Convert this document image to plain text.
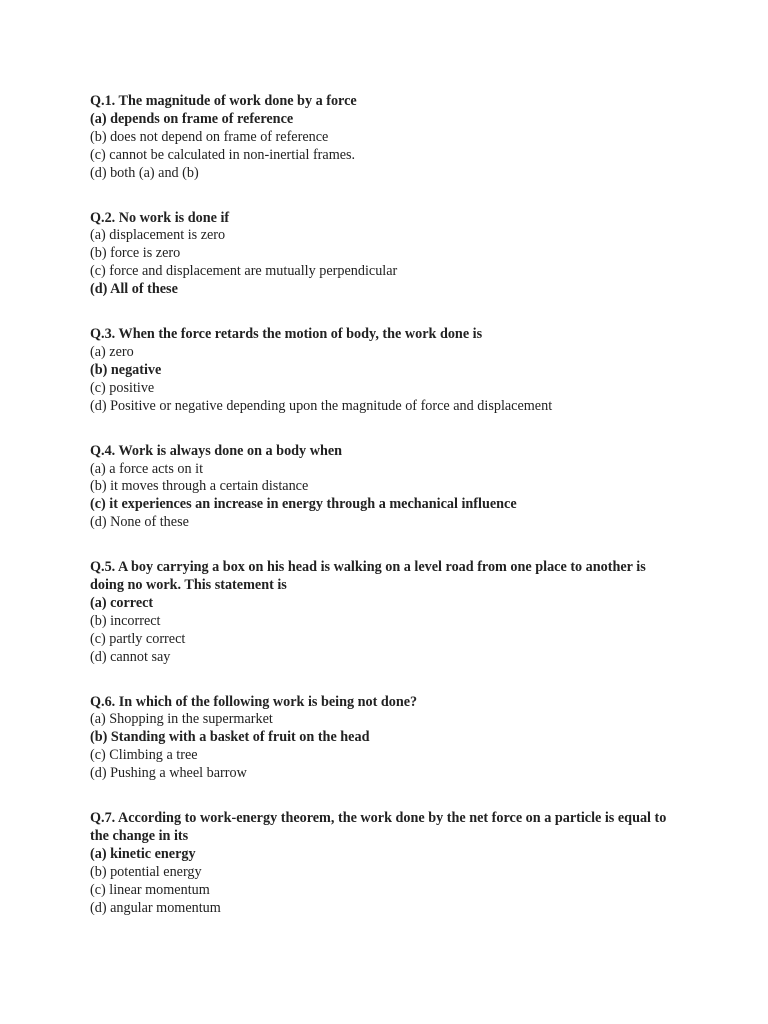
Q.1. The magnitude of work done by a force
(a) depends on frame of reference
(b) does not depend on frame of reference
(c) cannot be calculated in non-inertial frames.
(d) both (a) and (b)
Q.2. No work is done if
(a) displacement is zero
(b) force is zero
(c) force and displacement are mutually perpendicular
(d) All of these
Q.3. When the force retards the motion of body, the work done is
(a) zero
(b) negative
(c) positive
(d) Positive or negative depending upon the magnitude of force and displacement
Q.4. Work is always done on a body when
(a) a force acts on it
(b) it moves through a certain distance
(c) it experiences an increase in energy through a mechanical influence
(d) None of these
Q.5. A boy carrying a box on his head is walking on a level road from one place to another is doing no work. This statement is
(a) correct
(b) incorrect
(c) partly correct
(d) cannot say
Q.6. In which of the following work is being not done?
(a) Shopping in the supermarket
(b) Standing with a basket of fruit on the head
(c) Climbing a tree
(d) Pushing a wheel barrow
Q.7. According to work-energy theorem, the work done by the net force on a particle is equal to the change in its
(a) kinetic energy
(b) potential energy
(c) linear momentum
(d) angular momentum
